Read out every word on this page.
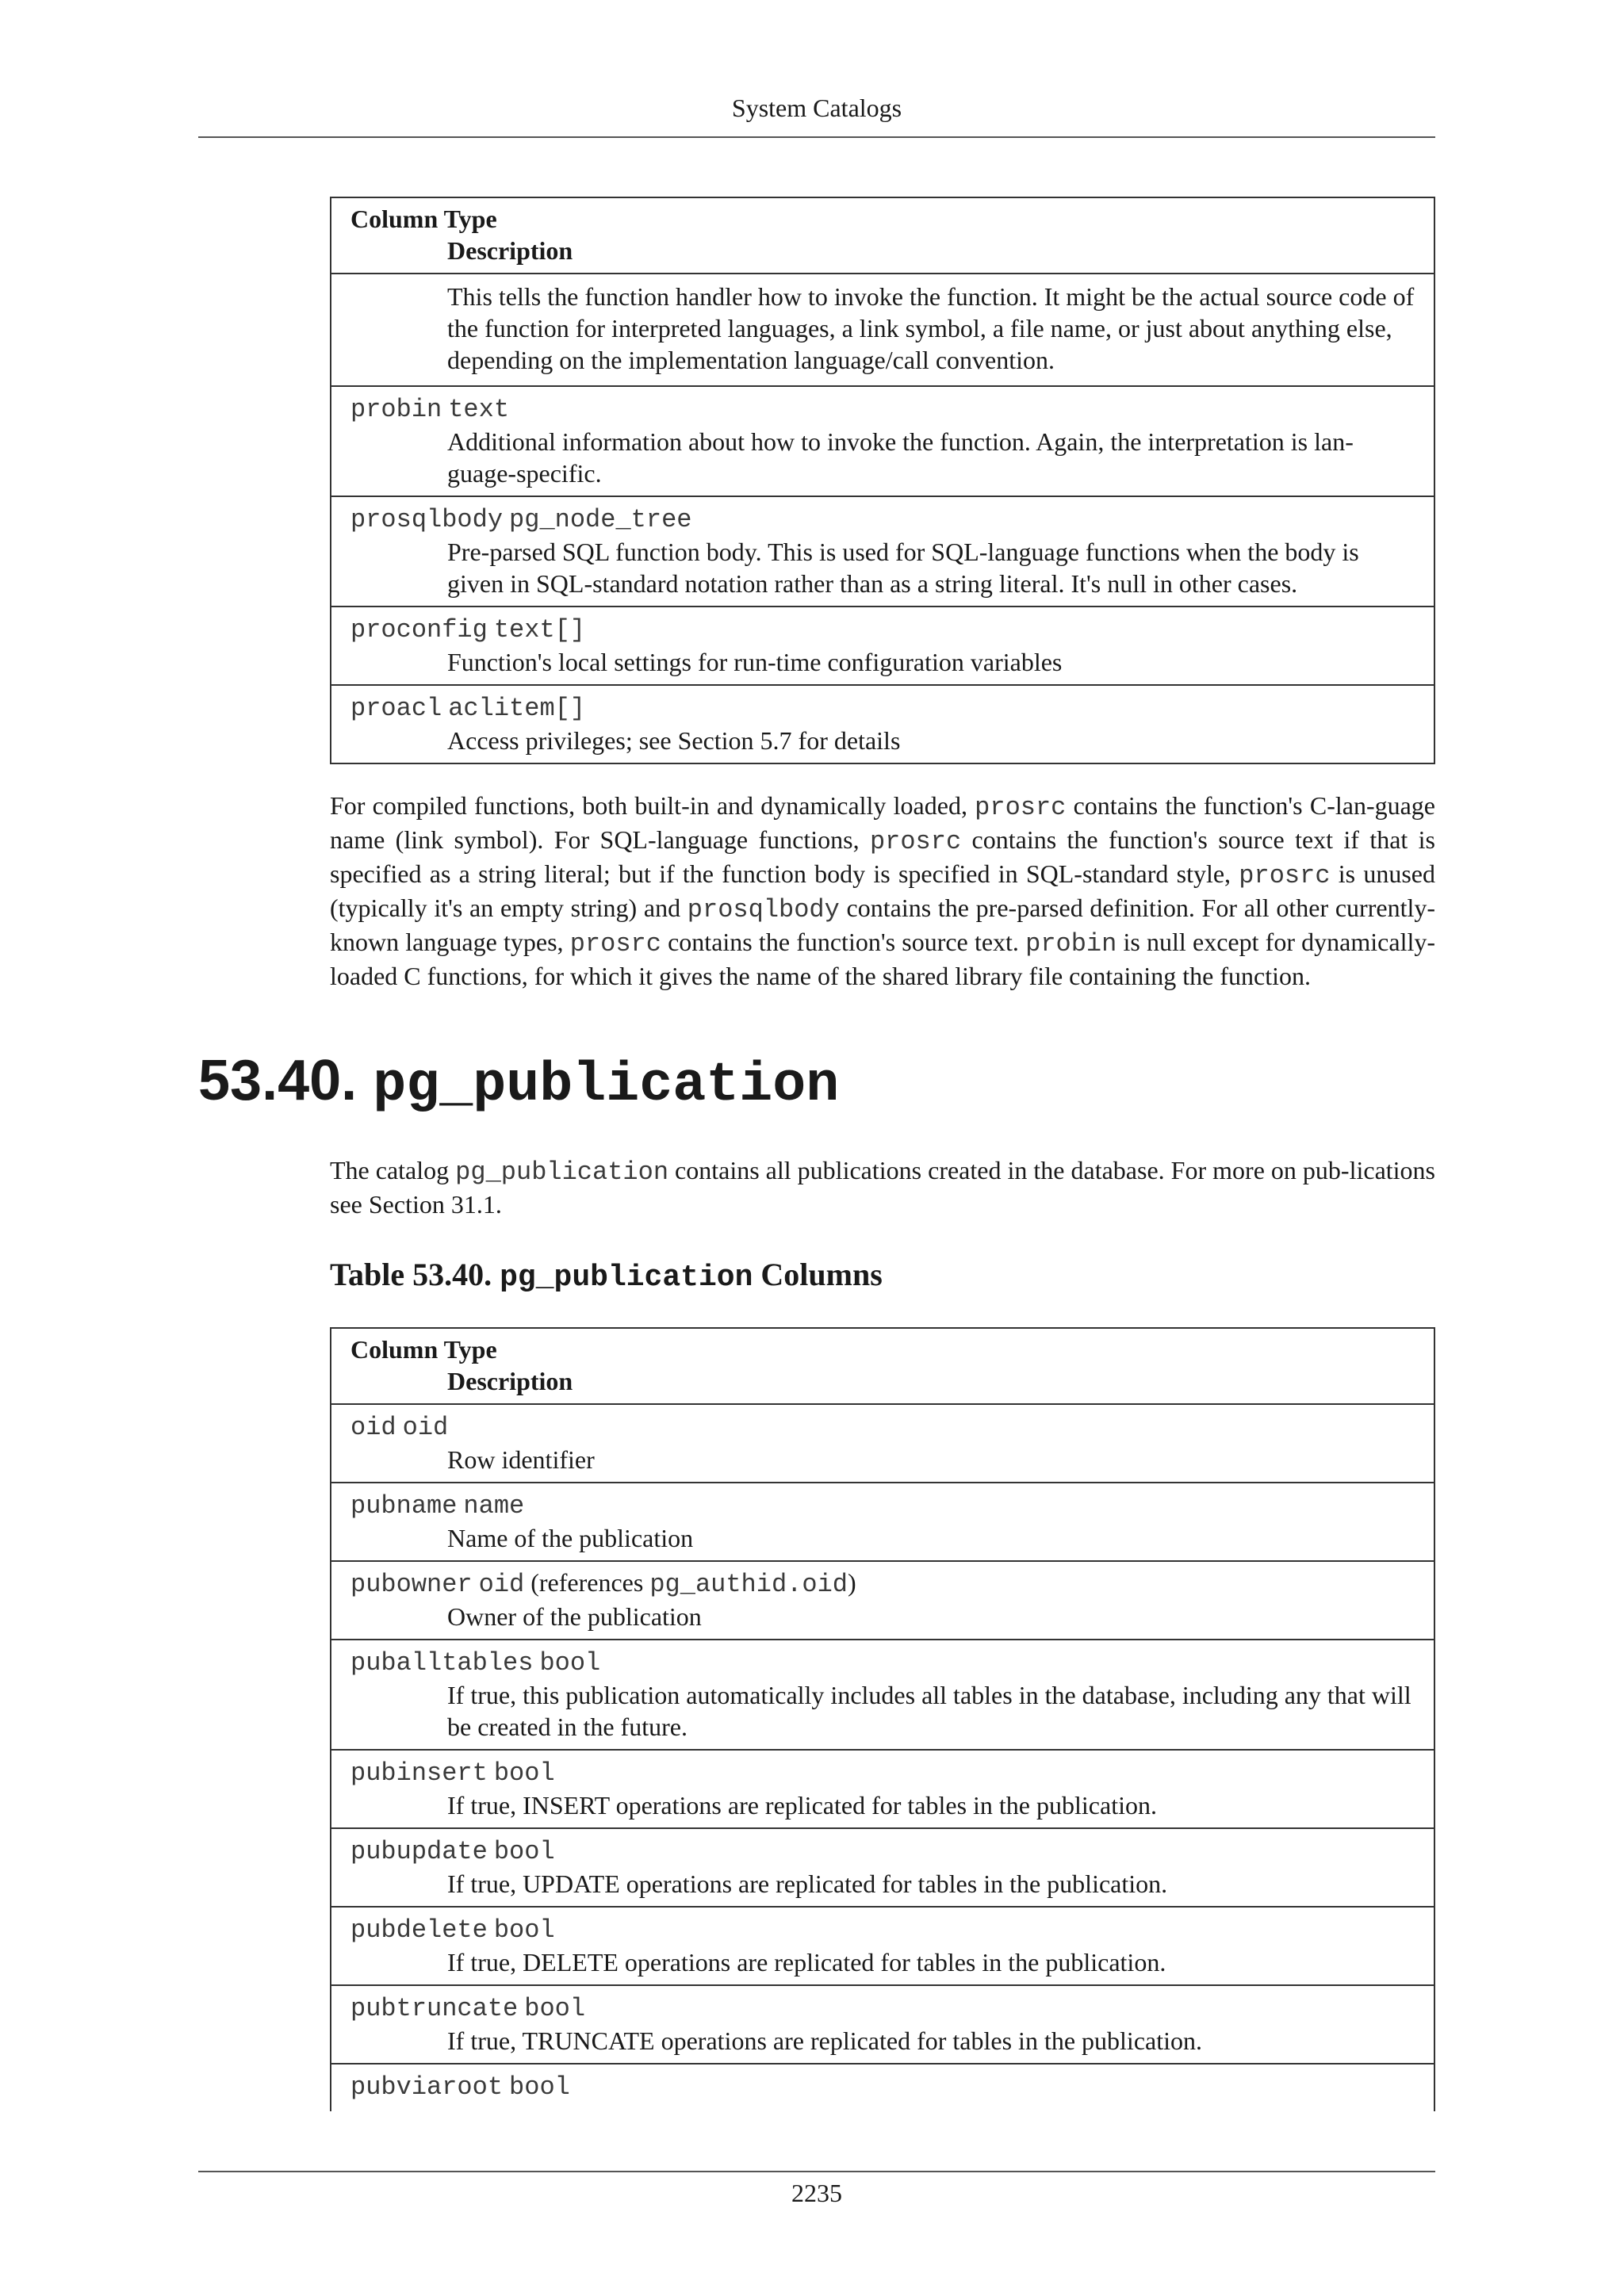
System Catalogs
Column Type
Description

This tells the function handler how to invoke the function. It might be the actual source code of the function for interpreted languages, a link symbol, a file name, or just about anything else, depending on the implementation language/call convention.

probin text
Additional information about how to invoke the function. Again, the interpretation is lan-guage-specific.

prosqlbody pg_node_tree
Pre-parsed SQL function body. This is used for SQL-language functions when the body is given in SQL-standard notation rather than as a string literal. It's null in other cases.

proconfig text[]
Function's local settings for run-time configuration variables

proacl aclitem[]
Access privileges; see Section 5.7 for details

For compiled functions, both built-in and dynamically loaded, prosrc contains the function's C-lan-guage name (link symbol). For SQL-language functions, prosrc contains the function's source text if that is specified as a string literal; but if the function body is specified in SQL-standard style, prosrc is unused (typically it's an empty string) and prosqlbody contains the pre-parsed definition. For all other currently-known language types, prosrc contains the function's source text. probin is null except for dynamically-loaded C functions, for which it gives the name of the shared library file containing the function.

53.40. pg_publication

The catalog pg_publication contains all publications created in the database. For more on pub-lications see Section 31.1.

Table 53.40. pg_publication Columns
Column Type
Description

oid oid
Row identifier

pubname name
Name of the publication

pubowner oid (references pg_authid.oid)
Owner of the publication

puballtables bool
If true, this publication automatically includes all tables in the database, including any that will be created in the future.

pubinsert bool
If true, INSERT operations are replicated for tables in the publication.

pubupdate bool
If true, UPDATE operations are replicated for tables in the publication.

pubdelete bool
If true, DELETE operations are replicated for tables in the publication.

pubtruncate bool
If true, TRUNCATE operations are replicated for tables in the publication.

pubviaroot bool
2235
